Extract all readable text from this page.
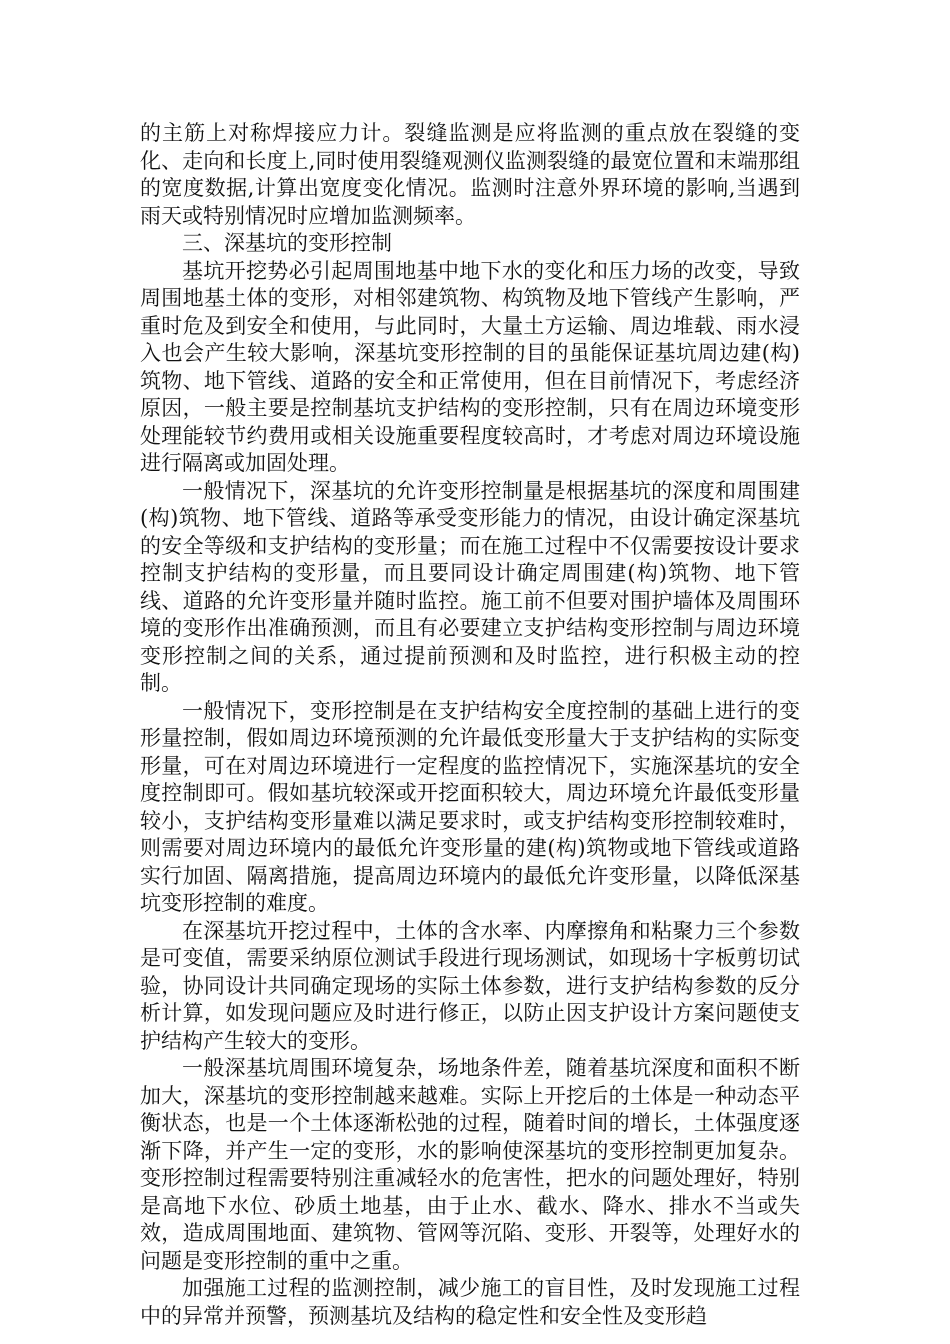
的主筋上对称焊接应力计。裂缝监测是应将监测的重点放在裂缝的变化、走向和长度上,同时使用裂缝观测仪监测裂缝的最宽位置和末端那组的宽度数据,计算出宽度变化情况。监测时注意外界环境的影响,当遇到雨天或特别情况时应增加监测频率。

三、深基坑的变形控制

基坑开挖势必引起周围地基中地下水的变化和压力场的改变，导致周围地基土体的变形，对相邻建筑物、构筑物及地下管线产生影响，严重时危及到安全和使用，与此同时，大量土方运输、周边堆载、雨水浸入也会产生较大影响，深基坑变形控制的目的虽能保证基坑周边建(构)筑物、地下管线、道路的安全和正常使用，但在目前情况下，考虑经济原因，一般主要是控制基坑支护结构的变形控制，只有在周边环境变形处理能较节约费用或相关设施重要程度较高时，才考虑对周边环境设施进行隔离或加固处理。

一般情况下，深基坑的允许变形控制量是根据基坑的深度和周围建(构)筑物、地下管线、道路等承受变形能力的情况，由设计确定深基坑的安全等级和支护结构的变形量；而在施工过程中不仅需要按设计要求控制支护结构的变形量，而且要同设计确定周围建(构)筑物、地下管线、道路的允许变形量并随时监控。施工前不但要对围护墙体及周围环境的变形作出准确预测，而且有必要建立支护结构变形控制与周边环境变形控制之间的关系，通过提前预测和及时监控，进行积极主动的控制。

一般情况下，变形控制是在支护结构安全度控制的基础上进行的变形量控制，假如周边环境预测的允许最低变形量大于支护结构的实际变形量，可在对周边环境进行一定程度的监控情况下，实施深基坑的安全度控制即可。假如基坑较深或开挖面积较大，周边环境允许最低变形量较小，支护结构变形量难以满足要求时，或支护结构变形控制较难时，则需要对周边环境内的最低允许变形量的建(构)筑物或地下管线或道路实行加固、隔离措施，提高周边环境内的最低允许变形量，以降低深基坑变形控制的难度。

在深基坑开挖过程中，土体的含水率、内摩擦角和粘聚力三个参数是可变值，需要采纳原位测试手段进行现场测试，如现场十字板剪切试验，协同设计共同确定现场的实际土体参数，进行支护结构参数的反分析计算，如发现问题应及时进行修正，以防止因支护设计方案问题使支护结构产生较大的变形。

一般深基坑周围环境复杂，场地条件差，随着基坑深度和面积不断加大，深基坑的变形控制越来越难。实际上开挖后的土体是一种动态平衡状态，也是一个土体逐渐松弛的过程，随着时间的增长，土体强度逐渐下降，并产生一定的变形，水的影响使深基坑的变形控制更加复杂。变形控制过程需要特别注重减轻水的危害性，把水的问题处理好，特别是高地下水位、砂质土地基，由于止水、截水、降水、排水不当或失效，造成周围地面、建筑物、管网等沉陷、变形、开裂等，处理好水的问题是变形控制的重中之重。

加强施工过程的监测控制，减少施工的盲目性，及时发现施工过程中的异常并预警，预测基坑及结构的稳定性和安全性及变形趋
